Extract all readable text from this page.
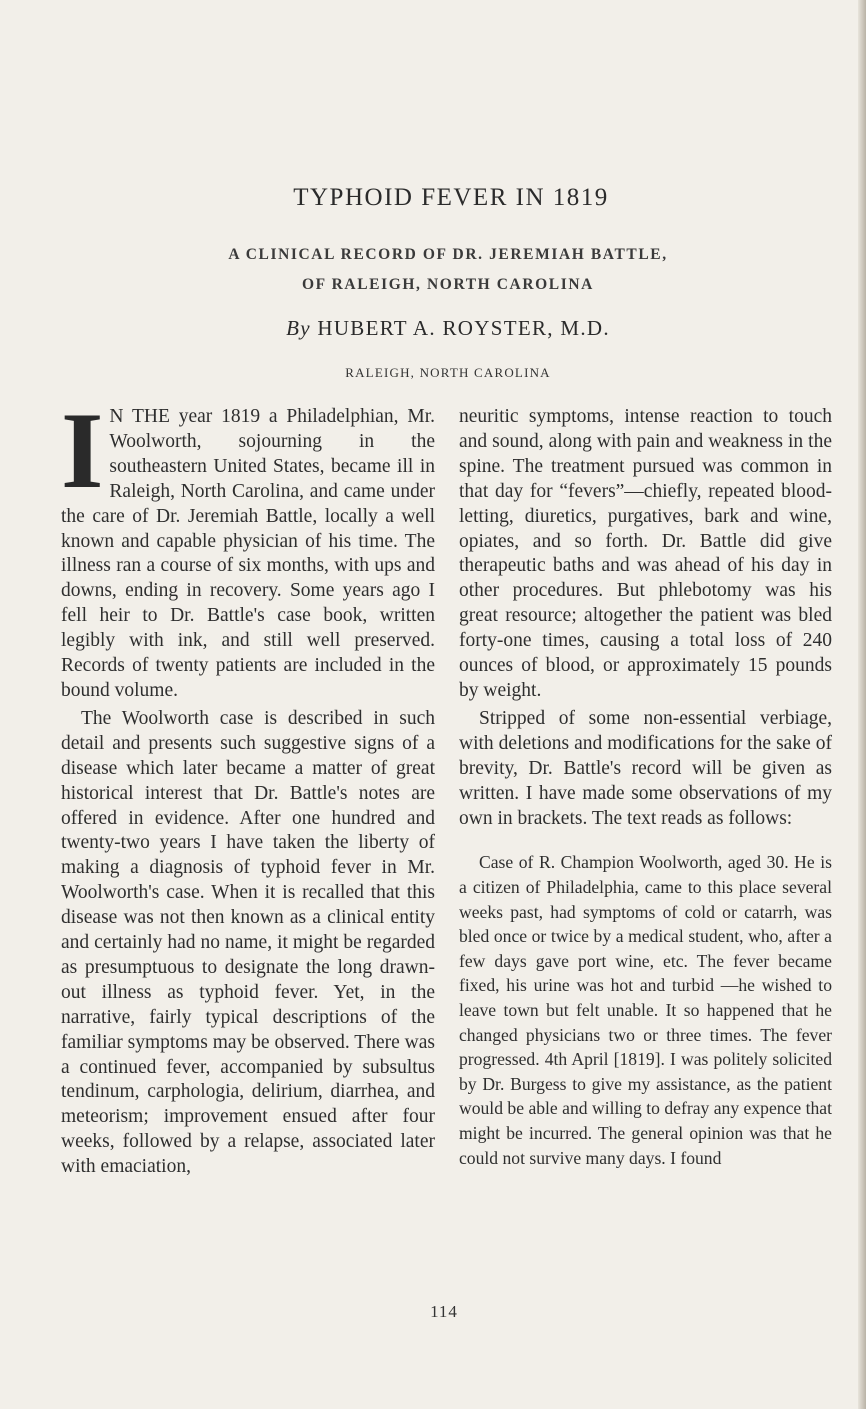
TYPHOID FEVER IN 1819
A CLINICAL RECORD OF DR. JEREMIAH BATTLE,
OF RALEIGH, NORTH CAROLINA
By HUBERT A. ROYSTER, M.D.
RALEIGH, NORTH CAROLINA

I N THE year 1819 a Philadelphian, Mr. Woolworth, sojourning in the southeastern United States, became ill in Raleigh, North Carolina, and came under the care of Dr. Jeremiah Battle, locally a well known and capable physician of his time. The illness ran a course of six months, with ups and downs, ending in recovery. Some years ago I fell heir to Dr. Battle's case book, written legibly with ink, and still well preserved. Records of twenty patients are included in the bound volume.

The Woolworth case is described in such detail and presents such suggestive signs of a disease which later became a matter of great historical interest that Dr. Battle's notes are offered in evidence. After one hundred and twenty-two years I have taken the liberty of making a diagnosis of typhoid fever in Mr. Woolworth's case. When it is recalled that this disease was not then known as a clinical entity and certainly had no name, it might be regarded as presumptuous to designate the long drawn-out illness as typhoid fever. Yet, in the narrative, fairly typical descriptions of the familiar symptoms may be observed. There was a continued fever, accompanied by subsultus tendinum, carphologia, delirium, diarrhea, and meteorism; improvement ensued after four weeks, followed by a relapse, associated later with emaciation,

neuritic symptoms, intense reaction to touch and sound, along with pain and weakness in the spine. The treatment pursued was common in that day for “fevers”—chiefly, repeated blood-letting, diuretics, purgatives, bark and wine, opiates, and so forth. Dr. Battle did give therapeutic baths and was ahead of his day in other procedures. But phlebotomy was his great resource; altogether the patient was bled forty-one times, causing a total loss of 240 ounces of blood, or approximately 15 pounds by weight.

Stripped of some non-essential verbiage, with deletions and modifications for the sake of brevity, Dr. Battle's record will be given as written. I have made some observations of my own in brackets. The text reads as follows:

Case of R. Champion Woolworth, aged 30. He is a citizen of Philadelphia, came to this place several weeks past, had symptoms of cold or catarrh, was bled once or twice by a medical student, who, after a few days gave port wine, etc. The fever became fixed, his urine was hot and turbid —he wished to leave town but felt unable. It so happened that he changed physicians two or three times. The fever progressed. 4th April [1819]. I was politely solicited by Dr. Burgess to give my assistance, as the patient would be able and willing to defray any expence that might be incurred. The general opinion was that he could not survive many days. I found

114
